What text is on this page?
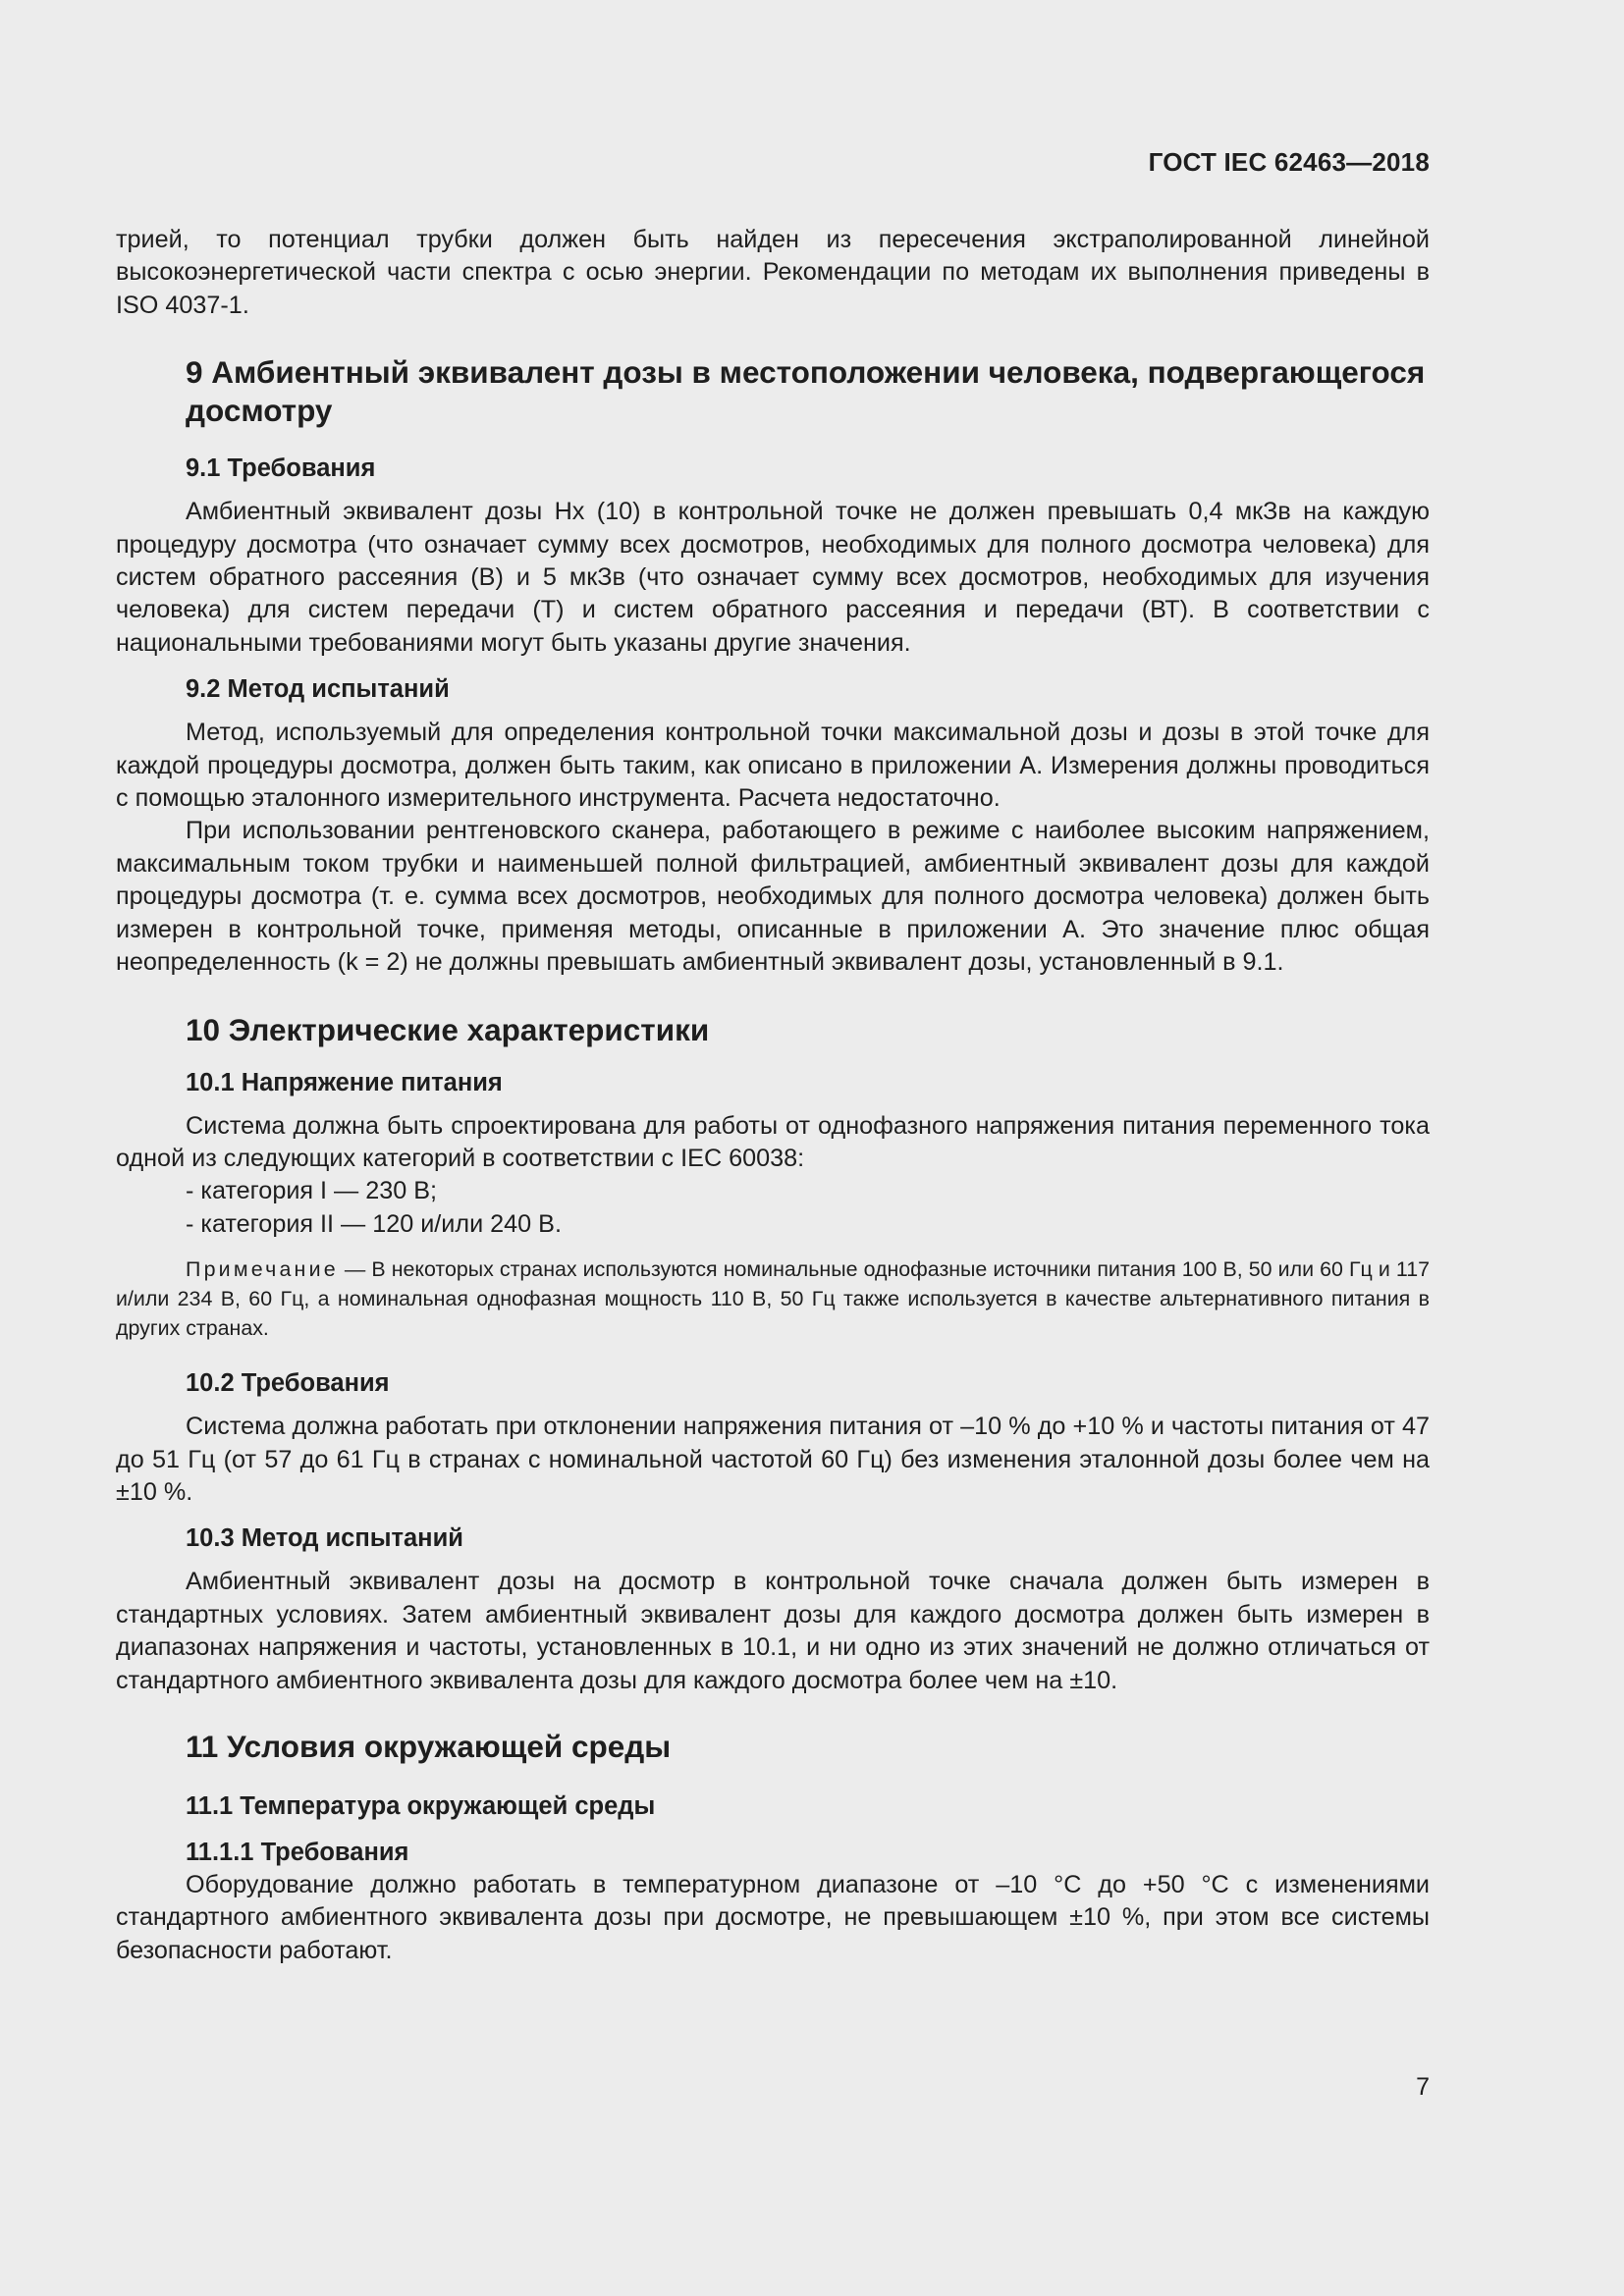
ГОСТ IEC 62463—2018

трией, то потенциал трубки должен быть найден из пересечения экстраполированной линейной высокоэнергетической части спектра с осью энергии. Рекомендации по методам их выполнения приведены в ISO 4037-1.

9 Амбиентный эквивалент дозы в местоположении человека, подвергающегося досмотру
9.1 Требования

Амбиентный эквивалент дозы Hx (10) в контрольной точке не должен превышать 0,4 мкЗв на каждую процедуру досмотра (что означает сумму всех досмотров, необходимых для полного досмотра человека) для систем обратного рассеяния (В) и 5 мкЗв (что означает сумму всех досмотров, необходимых для изучения человека) для систем передачи (Т) и систем обратного рассеяния и передачи (ВТ). В соответствии с национальными требованиями могут быть указаны другие значения.

9.2 Метод испытаний

Метод, используемый для определения контрольной точки максимальной дозы и дозы в этой точке для каждой процедуры досмотра, должен быть таким, как описано в приложении А. Измерения должны проводиться с помощью эталонного измерительного инструмента. Расчета недостаточно.

При использовании рентгеновского сканера, работающего в режиме с наиболее высоким напряжением, максимальным током трубки и наименьшей полной фильтрацией, амбиентный эквивалент дозы для каждой процедуры досмотра (т. е. сумма всех досмотров, необходимых для полного досмотра человека) должен быть измерен в контрольной точке, применяя методы, описанные в приложении А. Это значение плюс общая неопределенность (k = 2) не должны превышать амбиентный эквивалент дозы, установленный в 9.1.

10 Электрические характеристики
10.1 Напряжение питания

Система должна быть спроектирована для работы от однофазного напряжения питания переменного тока одной из следующих категорий в соответствии с IEC 60038:

- категория I — 230 В;
- категория II — 120 и/или 240 В.

Примечание — В некоторых странах используются номинальные однофазные источники питания 100 В, 50 или 60 Гц и 117 и/или 234 В, 60 Гц, а номинальная однофазная мощность 110 В, 50 Гц также используется в качестве альтернативного питания в других странах.

10.2 Требования

Система должна работать при отклонении напряжения питания от –10 % до +10 % и частоты питания от 47 до 51 Гц (от 57 до 61 Гц в странах с номинальной частотой 60 Гц) без изменения эталонной дозы более чем на ±10 %.

10.3 Метод испытаний

Амбиентный эквивалент дозы на досмотр в контрольной точке сначала должен быть измерен в стандартных условиях. Затем амбиентный эквивалент дозы для каждого досмотра должен быть измерен в диапазонах напряжения и частоты, установленных в 10.1, и ни одно из этих значений не должно отличаться от стандартного амбиентного эквивалента дозы для каждого досмотра более чем на ±10.

11 Условия окружающей среды
11.1 Температура окружающей среды
11.1.1 Требования

Оборудование должно работать в температурном диапазоне от –10 °С до +50 °С с изменениями стандартного амбиентного эквивалента дозы при досмотре, не превышающем ±10 %, при этом все системы безопасности работают.

7
